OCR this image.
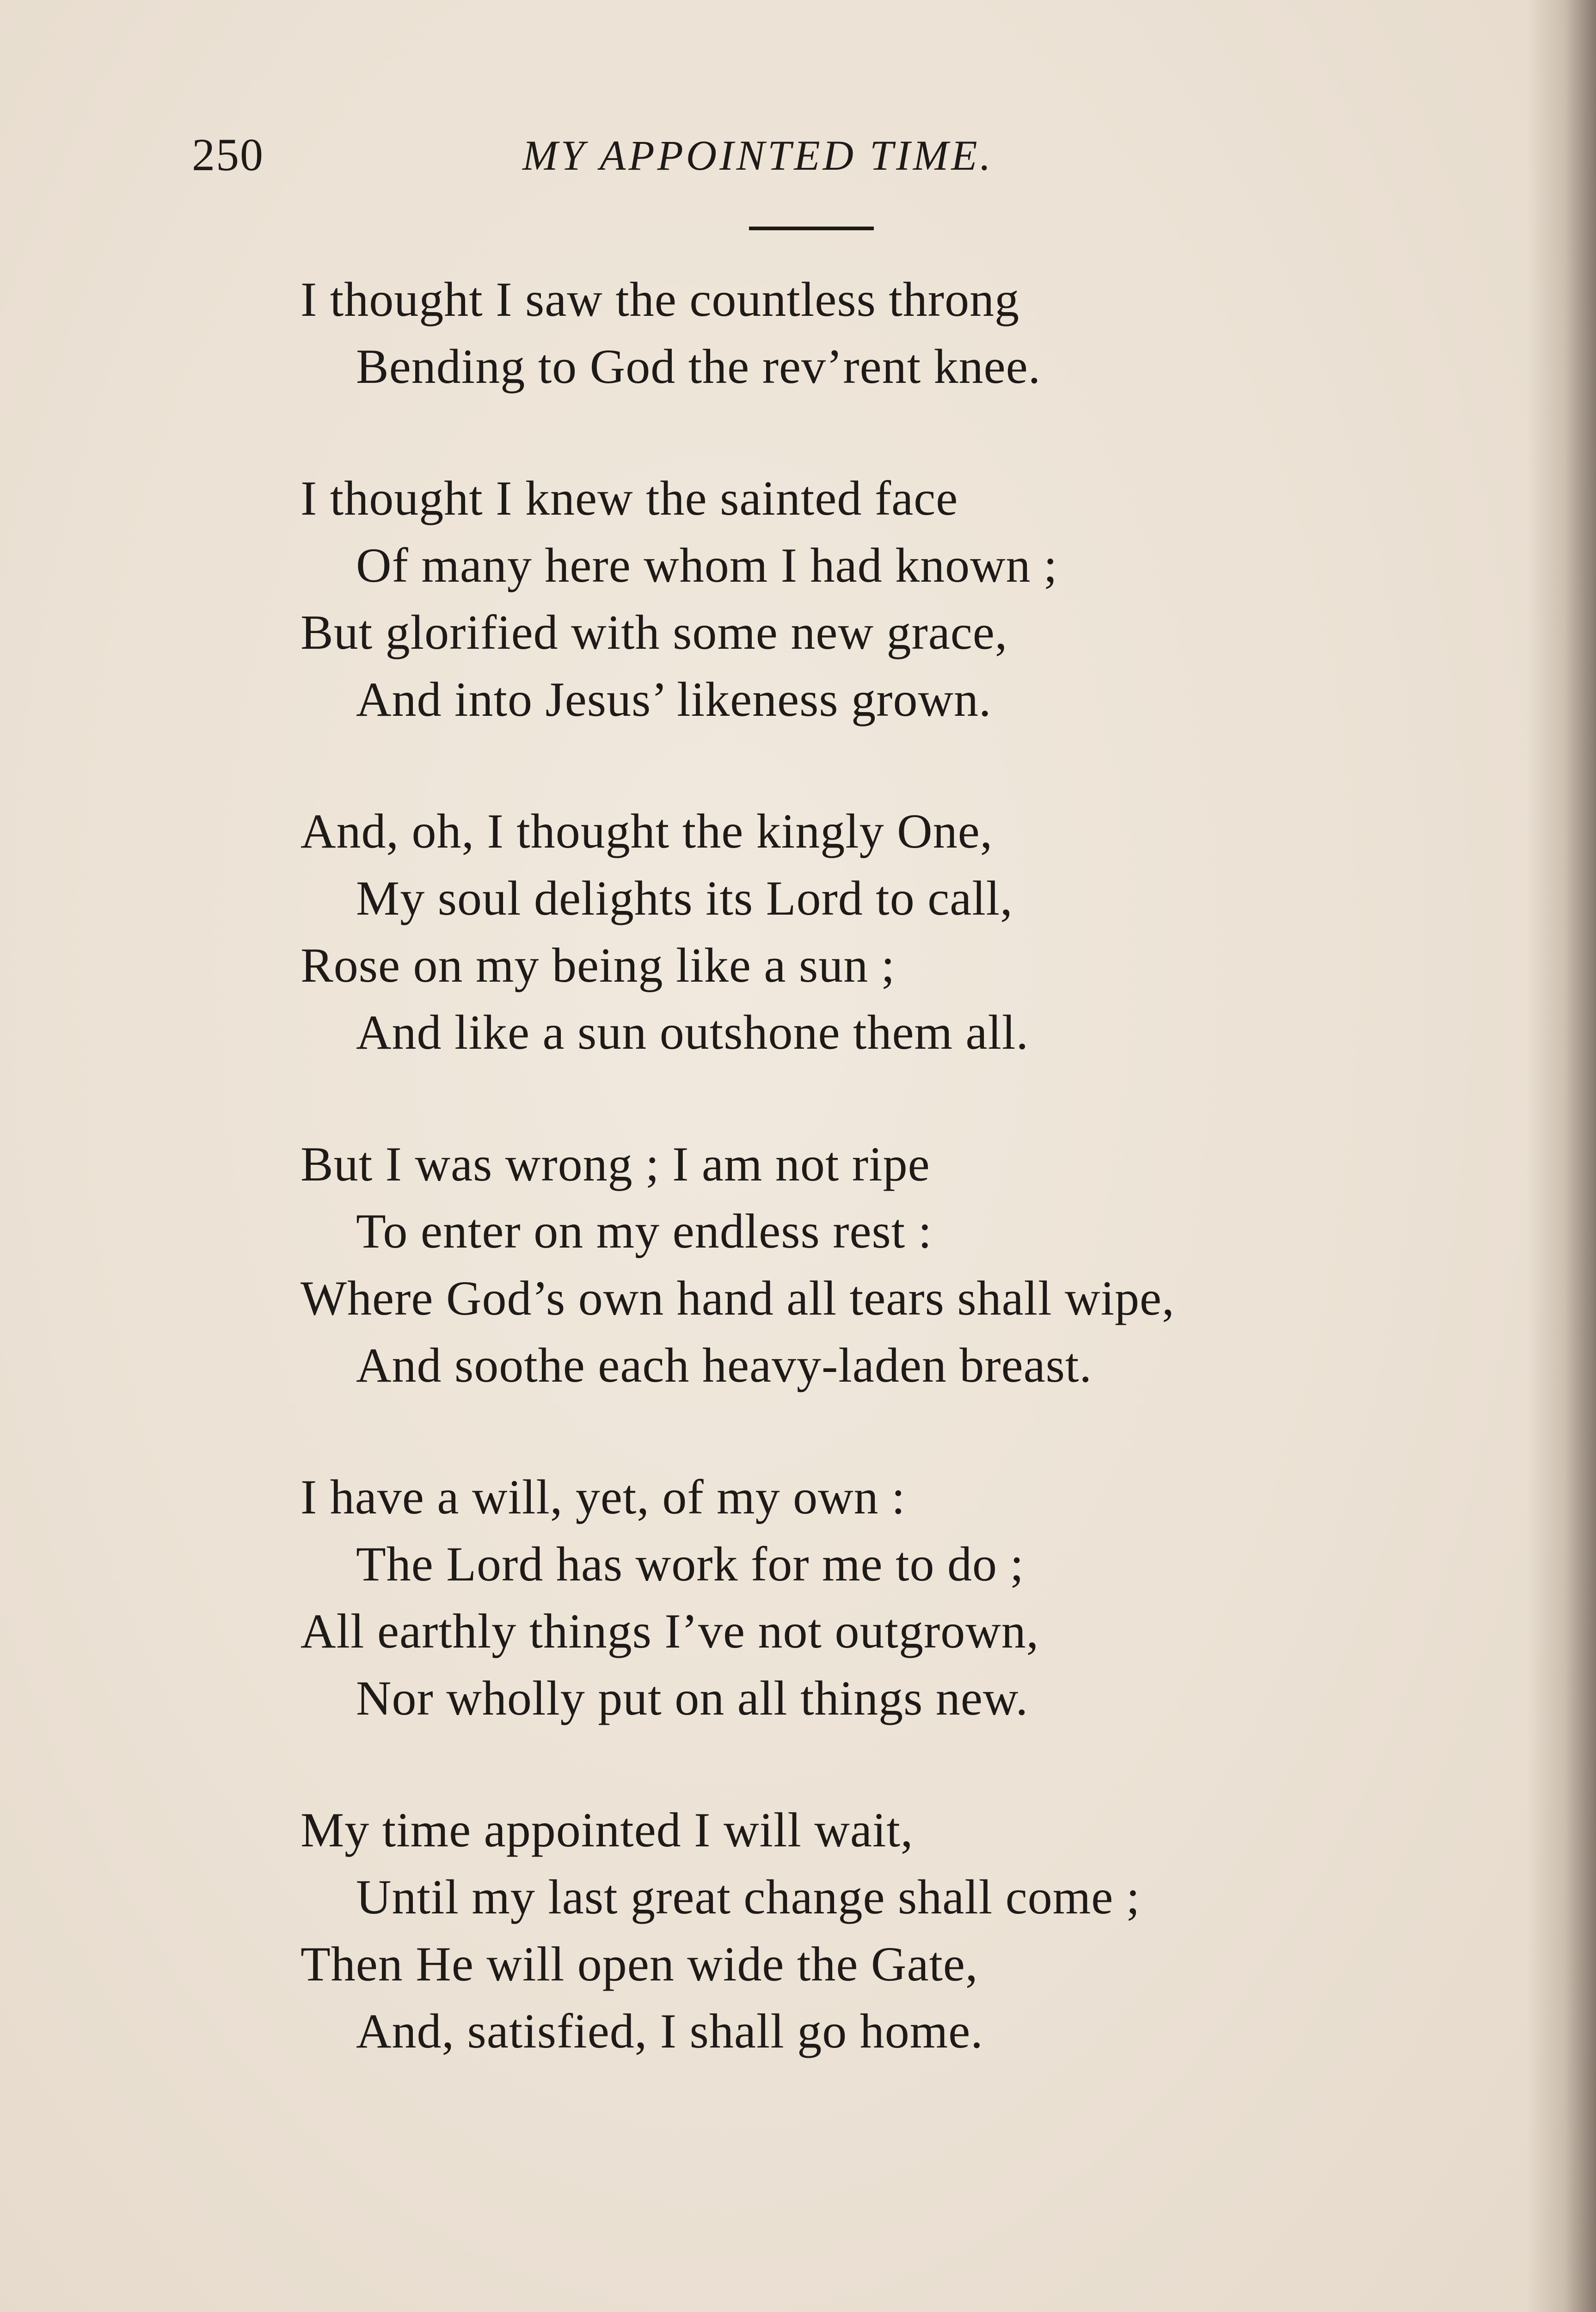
250	MY APPOINTED TIME.
I thought I saw the countless throng
Bending to God the rev’rent knee.
I thought I knew the sainted face
Of many here whom I had known ;
But glorified with some new grace,
And into Jesus’ likeness grown.
And, oh, I thought the kingly One,
My soul delights its Lord to call,
Rose on my being like a sun ;
And like a sun outshone them all.
But I was wrong ; I am not ripe
To enter on my endless rest :
Where God’s own hand all tears shall wipe,
And soothe each heavy-laden breast.
I have a will, yet, of my own :
The Lord has work for me to do ;
All earthly things I’ve not outgrown,
Nor wholly put on all things new.
My time appointed I will wait,
Until my last great change shall come ;
Then He will open wide the Gate,
And, satisfied, I shall go home.
